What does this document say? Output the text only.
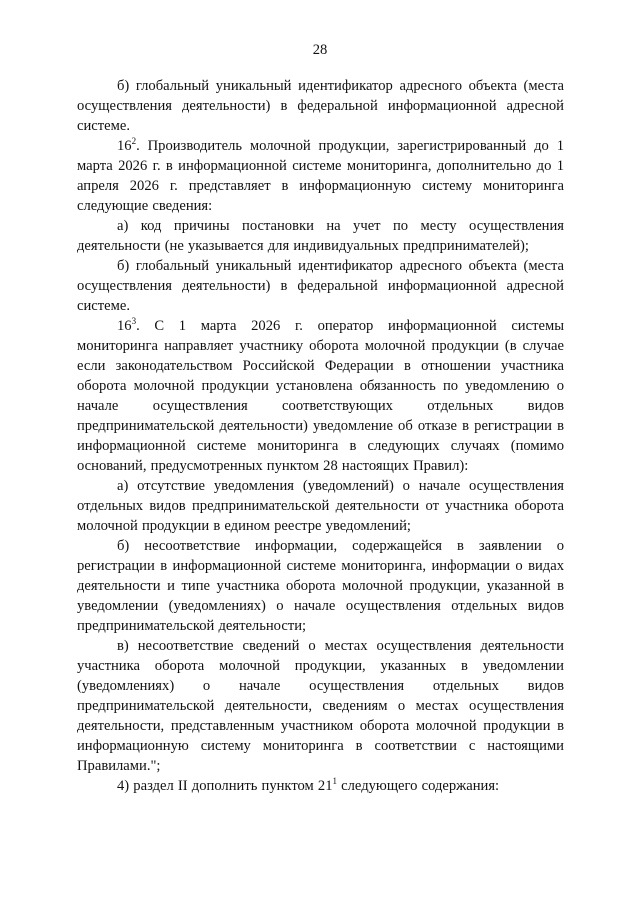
28

б) глобальный уникальный идентификатор адресного объекта (места осуществления деятельности) в федеральной информационной адресной системе.

$16^2$. Производитель молочной продукции, зарегистрированный до 1 марта 2026 г. в информационной системе мониторинга, дополнительно до 1 апреля 2026 г. представляет в информационную систему мониторинга следующие сведения:

а) код причины постановки на учет по месту осуществления деятельности (не указывается для индивидуальных предпринимателей);

б) глобальный уникальный идентификатор адресного объекта (места осуществления деятельности) в федеральной информационной адресной системе.

$16^3$. С 1 марта 2026 г. оператор информационной системы мониторинга направляет участнику оборота молочной продукции (в случае если законодательством Российской Федерации в отношении участника оборота молочной продукции установлена обязанность по уведомлению о начале осуществления соответствующих отдельных видов предпринимательской деятельности) уведомление об отказе в регистрации в информационной системе мониторинга в следующих случаях (помимо оснований, предусмотренных пунктом 28 настоящих Правил):

а) отсутствие уведомления (уведомлений) о начале осуществления отдельных видов предпринимательской деятельности от участника оборота молочной продукции в едином реестре уведомлений;

б) несоответствие информации, содержащейся в заявлении о регистрации в информационной системе мониторинга, информации о видах деятельности и типе участника оборота молочной продукции, указанной в уведомлении (уведомлениях) о начале осуществления отдельных видов предпринимательской деятельности;

в) несоответствие сведений о местах осуществления деятельности участника оборота молочной продукции, указанных в уведомлении (уведомлениях) о начале осуществления отдельных видов предпринимательской деятельности, сведениям о местах осуществления деятельности, представленным участником оборота молочной продукции в информационную систему мониторинга в соответствии с настоящими Правилами.";

4) раздел II дополнить пунктом $21^1$ следующего содержания:
